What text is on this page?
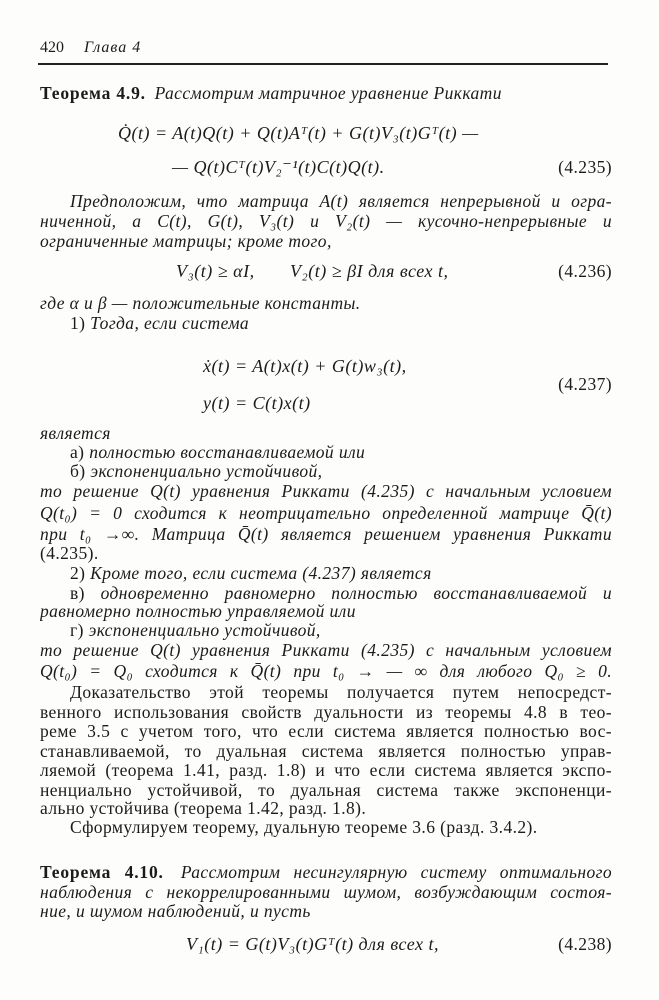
420 Глава 4
Теорема 4.9. Рассмотрим матричное уравнение Риккати
Q̇(t) = A(t)Q(t) + Q(t)Aᵀ(t) + G(t)V₃(t)Gᵀ(t) —
— Q(t)Cᵀ(t)V₂⁻¹(t)C(t)Q(t).	(4.235)
Предположим, что матрица A(t) является непрерывной и огра-
ниченной, а C(t), G(t), V₃(t) и V₂(t) — кусочно-непрерывные и
ограниченные матрицы; кроме того,
V₃(t) ≥ αI, V₂(t) ≥ βI для всех t,	(4.236)
где α и β — положительные константы.
1) Тогда, если система
ẋ(t) = A(t)x(t) + G(t)w₃(t),
(4.237)
y(t) = C(t)x(t)
является
а) полностью восстанавливаемой или
б) экспоненциально устойчивой,
то решение Q(t) уравнения Риккати (4.235) с начальным условием
Q(t₀) = 0 сходится к неотрицательно определенной матрице Q̄(t)
при t₀ →∞. Матрица Q̄(t) является решением уравнения Риккати
(4.235).
2) Кроме того, если система (4.237) является
в) одновременно равномерно полностью восстанавливаемой и
равномерно полностью управляемой или
г) экспоненциально устойчивой,
то решение Q(t) уравнения Риккати (4.235) с начальным условием
Q(t₀) = Q₀ сходится к Q̄(t) при t₀ → — ∞ для любого Q₀ ≥ 0.
Доказательство этой теоремы получается путем непосредст-
венного использования свойств дуальности из теоремы 4.8 в тео-
реме 3.5 с учетом того, что если система является полностью вос-
станавливаемой, то дуальная система является полностью управ-
ляемой (теорема 1.41, разд. 1.8) и что если система является экспо-
ненциально устойчивой, то дуальная система также экспоненци-
ально устойчива (теорема 1.42, разд. 1.8).
Сформулируем теорему, дуальную теореме 3.6 (разд. 3.4.2).
Теорема 4.10. Рассмотрим несингулярную систему оптимального
наблюдения с некоррелированными шумом, возбуждающим состоя-
ние, и шумом наблюдений, и пусть
V₁(t) = G(t)V₃(t)Gᵀ(t) для всех t,	(4.238)
